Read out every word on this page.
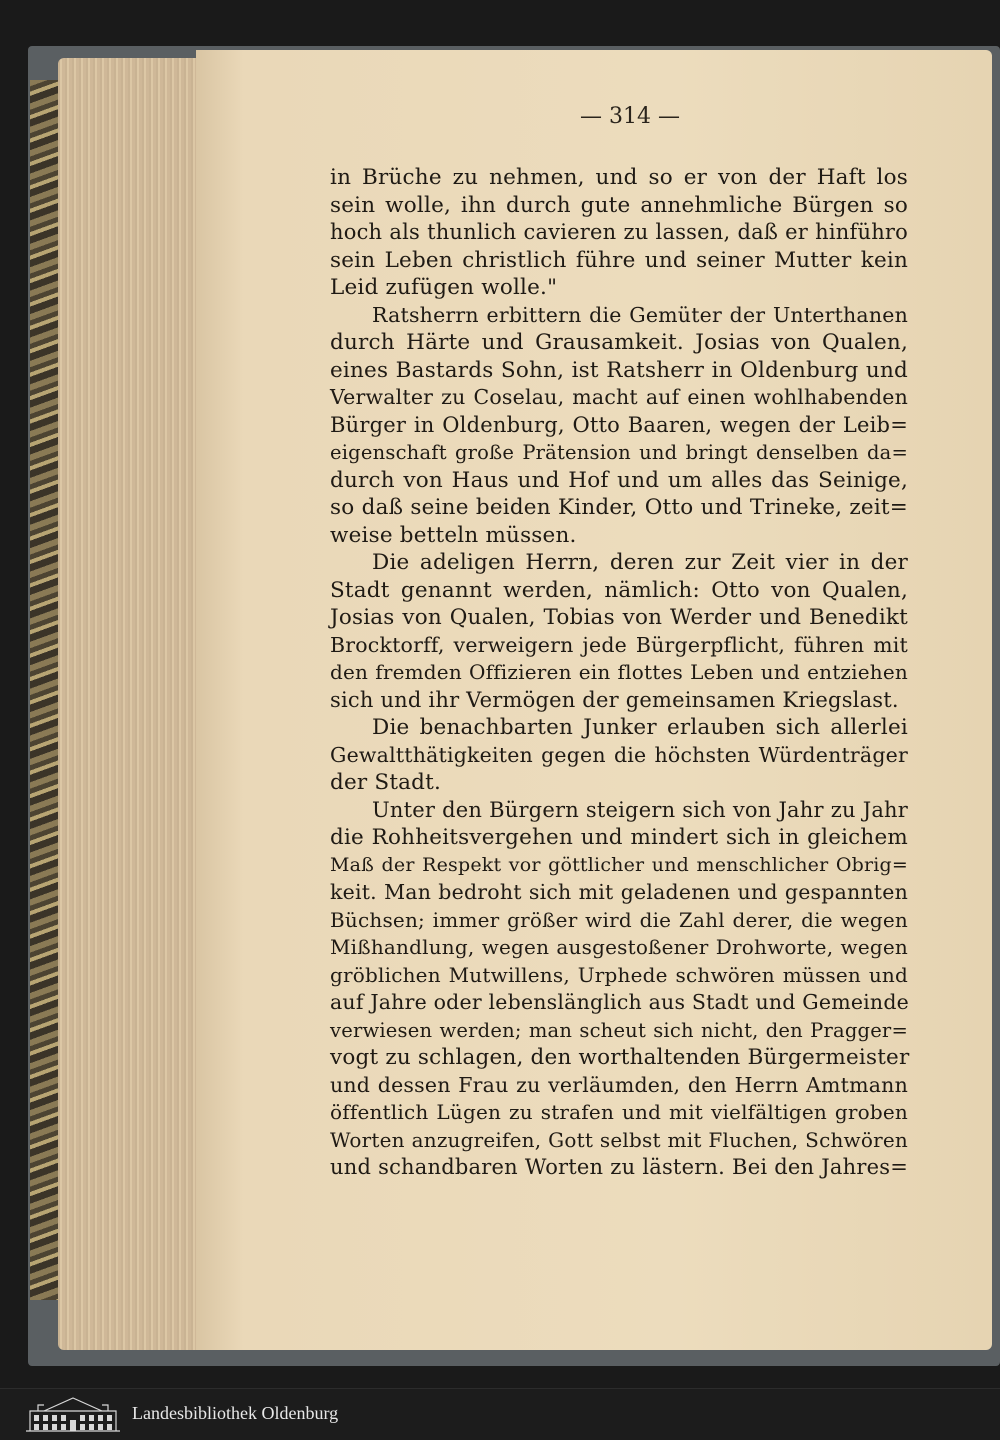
— 314 —
in Brüche zu nehmen, und so er von der Haft los
sein wolle, ihn durch gute annehmliche Bürgen so
hoch als thunlich cavieren zu lassen, daß er hinführo
sein Leben christlich führe und seiner Mutter kein
Leid zufügen wolle."
Ratsherrn erbittern die Gemüter der Unterthanen
durch Härte und Grausamkeit. Josias von Qualen,
eines Bastards Sohn, ist Ratsherr in Oldenburg und
Verwalter zu Coselau, macht auf einen wohlhabenden
Bürger in Oldenburg, Otto Baaren, wegen der Leib=
eigenschaft große Prätension und bringt denselben da=
durch von Haus und Hof und um alles das Seinige,
so daß seine beiden Kinder, Otto und Trineke, zeit=
weise betteln müssen.
Die adeligen Herrn, deren zur Zeit vier in der
Stadt genannt werden, nämlich: Otto von Qualen,
Josias von Qualen, Tobias von Werder und Benedikt
Brocktorff, verweigern jede Bürgerpflicht, führen mit
den fremden Offizieren ein flottes Leben und entziehen
sich und ihr Vermögen der gemeinsamen Kriegslast.
Die benachbarten Junker erlauben sich allerlei
Gewaltthätigkeiten gegen die höchsten Würdenträger
der Stadt.
Unter den Bürgern steigern sich von Jahr zu Jahr
die Rohheitsvergehen und mindert sich in gleichem
Maß der Respekt vor göttlicher und menschlicher Obrig=
keit. Man bedroht sich mit geladenen und gespannten
Büchsen; immer größer wird die Zahl derer, die wegen
Mißhandlung, wegen ausgestoßener Drohworte, wegen
gröblichen Mutwillens, Urphede schwören müssen und
auf Jahre oder lebenslänglich aus Stadt und Gemeinde
verwiesen werden; man scheut sich nicht, den Pragger=
vogt zu schlagen, den worthaltenden Bürgermeister
und dessen Frau zu verläumden, den Herrn Amtmann
öffentlich Lügen zu strafen und mit vielfältigen groben
Worten anzugreifen, Gott selbst mit Fluchen, Schwören
und schandbaren Worten zu lästern. Bei den Jahres=
Landesbibliothek Oldenburg
